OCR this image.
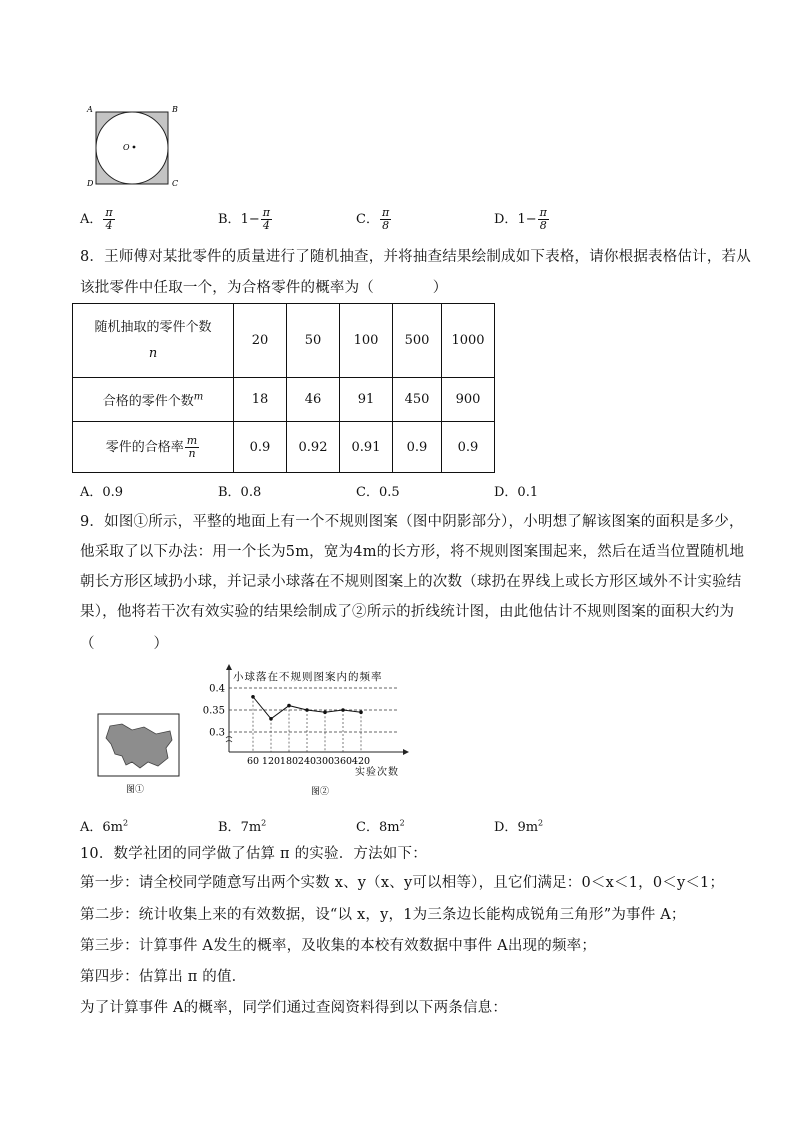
A	B
C
D
O
A． $\frac{\pi}{4}$	B．$1- \frac{\pi}{4}$	C． $\frac{\pi}{8}$	D．$1- \frac{\pi}{8}$
8．王师傅对某批零件的质量进行了随机抽查，并将抽查结果绘制成如下表格，请你根据表格估计，若从
该批零件中任取一个，为合格零件的概率为（　　　　）
随机抽取的零件个数
n	20	50	100	500	1000
合格的零件个数$^m$	18	46	91	450	900
零件的合格率 $\frac{m}{n}$	0.9	0.92	0.91	0.9	0.9
A．0.9	B．0.8	C．0.5	D．0.1
9．如图①所示，平整的地面上有一个不规则图案（图中阴影部分），小明想了解该图案的面积是多少，
他采取了以下办法：用一个长为5m，宽为4m的长方形，将不规则图案围起来，然后在适当位置随机地
朝长方形区域扔小球，并记录小球落在不规则图案上的次数（球扔在界线上或长方形区域外不计实验结
果），他将若干次有效实验的结果绘制成了②所示的折线统计图，由此他估计不规则图案的面积大约为
（　　　　）
图①
0.3
0.35
0.4
60 120 180 240 300 360 420
小球落在不规则图案内的频率
实验次数
图②
A．$6m^2$	B．$7m^2$	C．$8m^2$	D．$9m^2$
10．数学社团的同学做了估算 π 的实验．方法如下：
第一步：请全校同学随意写出两个实数 x、y（x、y可以相等），且它们满足：0＜x＜1，0＜y＜1；
第二步：统计收集上来的有效数据，设“以 x，y，1为三条边长能构成锐角三角形”为事件 A；
第三步：计算事件 A发生的概率，及收集的本校有效数据中事件 A出现的频率；
第四步：估算出 π 的值．
为了计算事件 A的概率，同学们通过查阅资料得到以下两条信息：
